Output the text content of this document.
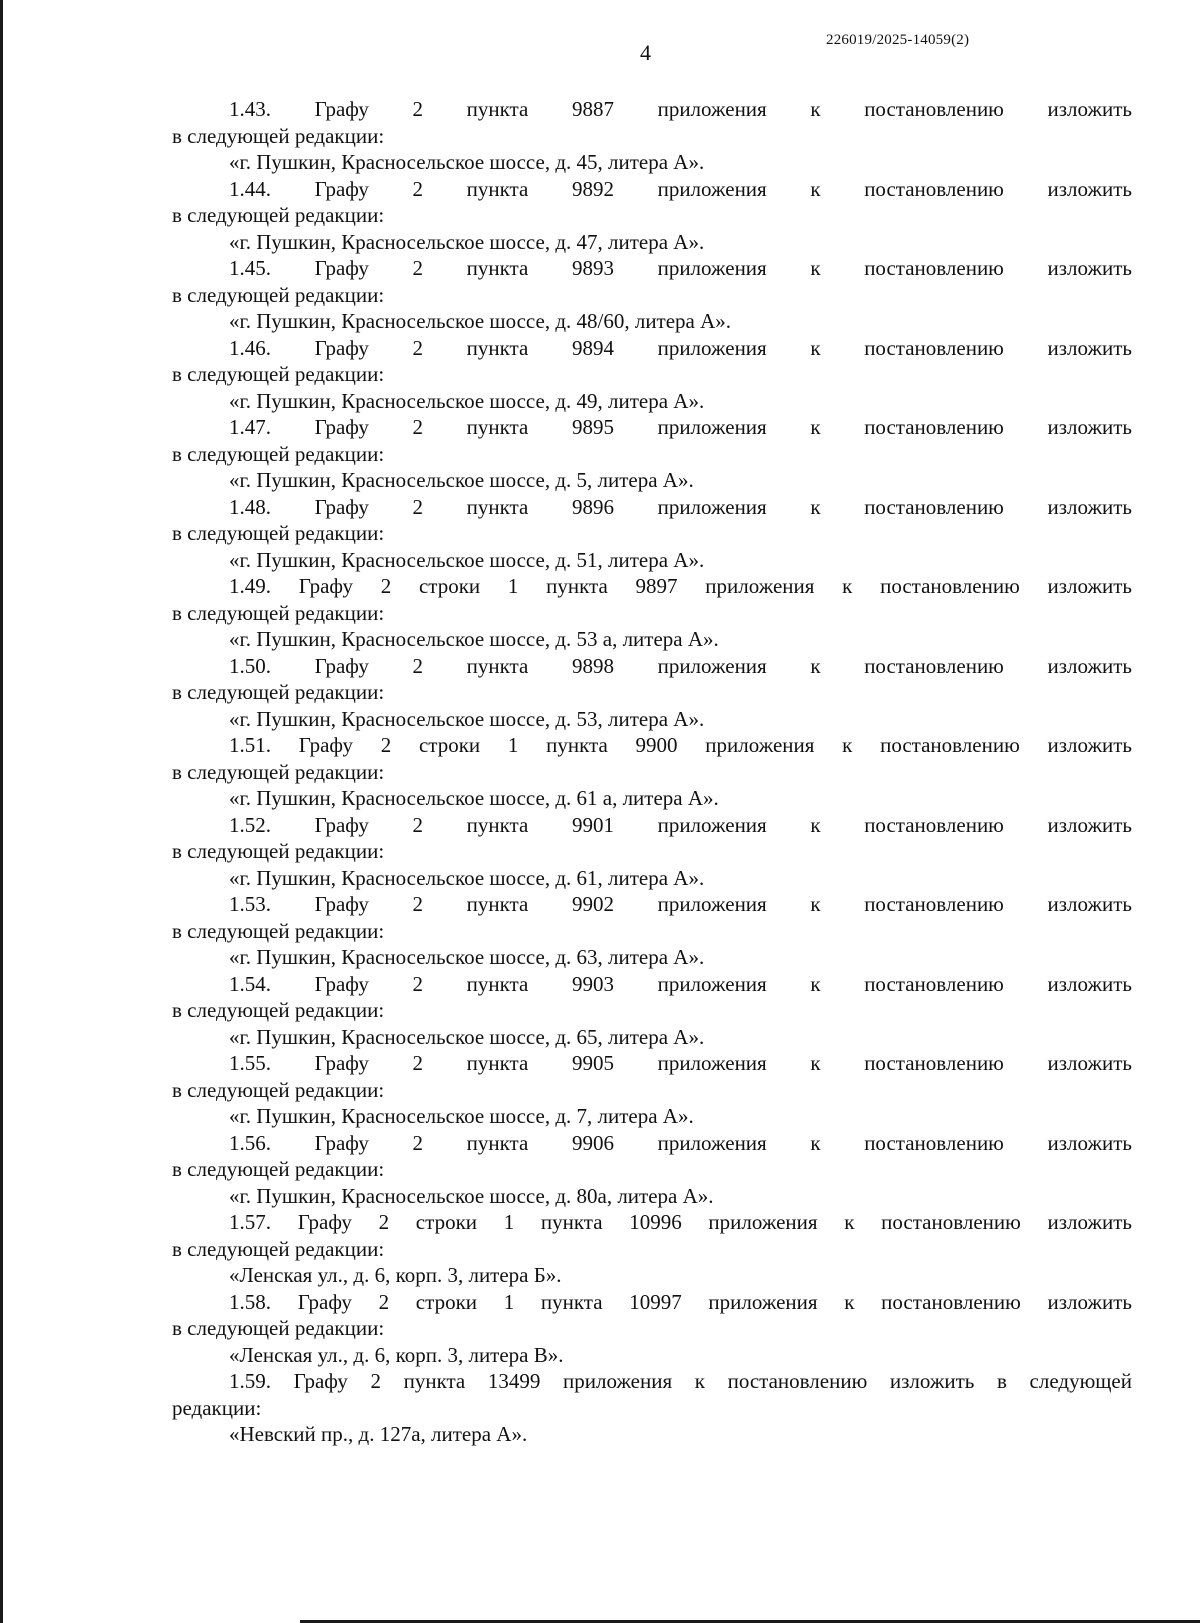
226019/2025-14059(2)
4

1.43. Графу 2 пункта 9887 приложения к постановлению изложить

в следующей редакции:

«г. Пушкин, Красносельское шоссе, д. 45, литера А».

1.44. Графу 2 пункта 9892 приложения к постановлению изложить

в следующей редакции:

«г. Пушкин, Красносельское шоссе, д. 47, литера А».

1.45. Графу 2 пункта 9893 приложения к постановлению изложить

в следующей редакции:

«г. Пушкин, Красносельское шоссе, д. 48/60, литера А».

1.46. Графу 2 пункта 9894 приложения к постановлению изложить

в следующей редакции:

«г. Пушкин, Красносельское шоссе, д. 49, литера А».

1.47. Графу 2 пункта 9895 приложения к постановлению изложить

в следующей редакции:

«г. Пушкин, Красносельское шоссе, д. 5, литера А».

1.48. Графу 2 пункта 9896 приложения к постановлению изложить

в следующей редакции:

«г. Пушкин, Красносельское шоссе, д. 51, литера А».

1.49. Графу 2 строки 1 пункта 9897 приложения к постановлению изложить

в следующей редакции:

«г. Пушкин, Красносельское шоссе, д. 53 а, литера А».

1.50. Графу 2 пункта 9898 приложения к постановлению изложить

в следующей редакции:

«г. Пушкин, Красносельское шоссе, д. 53, литера А».

1.51. Графу 2 строки 1 пункта 9900 приложения к постановлению изложить

в следующей редакции:

«г. Пушкин, Красносельское шоссе, д. 61 а, литера А».

1.52. Графу 2 пункта 9901 приложения к постановлению изложить

в следующей редакции:

«г. Пушкин, Красносельское шоссе, д. 61, литера А».

1.53. Графу 2 пункта 9902 приложения к постановлению изложить

в следующей редакции:

«г. Пушкин, Красносельское шоссе, д. 63, литера А».

1.54. Графу 2 пункта 9903 приложения к постановлению изложить

в следующей редакции:

«г. Пушкин, Красносельское шоссе, д. 65, литера А».

1.55. Графу 2 пункта 9905 приложения к постановлению изложить

в следующей редакции:

«г. Пушкин, Красносельское шоссе, д. 7, литера А».

1.56. Графу 2 пункта 9906 приложения к постановлению изложить

в следующей редакции:

«г. Пушкин, Красносельское шоссе, д. 80а, литера А».

1.57. Графу 2 строки 1 пункта 10996 приложения к постановлению изложить

в следующей редакции:

«Ленская ул., д. 6, корп. 3, литера Б».

1.58. Графу 2 строки 1 пункта 10997 приложения к постановлению изложить

в следующей редакции:

«Ленская ул., д. 6, корп. 3, литера В».

1.59. Графу 2 пункта 13499 приложения к постановлению изложить в следующей

редакции:

«Невский пр., д. 127а, литера А».
